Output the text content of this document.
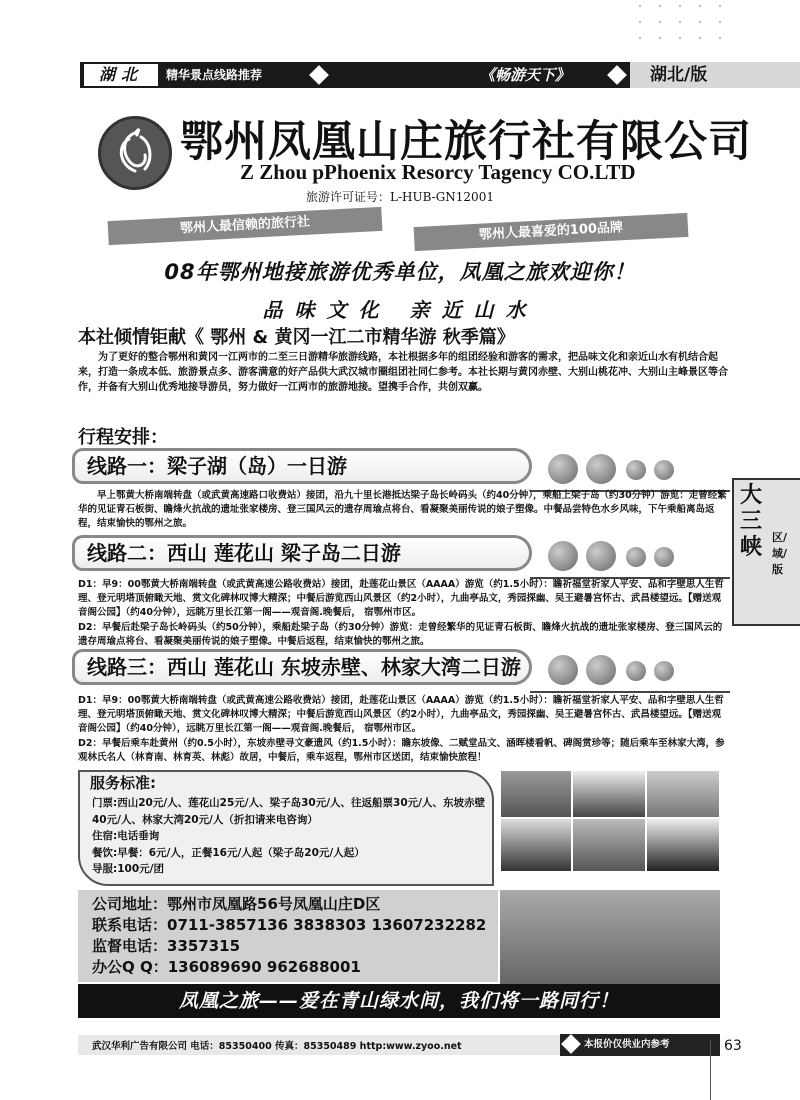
湖北	精华景点线路推荐	《畅游天下》	湖北/版
鄂州凤凰山庄旅行社有限公司
Z Zhou pPhoenix Resorcy Tagency CO.LTD
旅游许可证号：L-HUB-GN12001
鄂州人最信赖的旅行社	鄂州人最喜爱的100品牌
08年鄂州地接旅游优秀单位，凤凰之旅欢迎你！
品味文化 亲近山水
本社倾情钜献《 鄂州 & 黄冈一江二市精华游 秋季篇》
为了更好的整合鄂州和黄冈一江两市的二至三日游精华旅游线路，本社根据多年的组团经验和游客的需求，把品味文化和亲近山水有机结合起来，打造一条成本低、旅游景点多、游客满意的好产品供大武汉城市圈组团社同仁参考。本社长期与黄冈赤壁、大别山桃花冲、大别山主峰景区等合作，并备有大别山优秀地接导游员，努力做好一江两市的旅游地接。望携手合作，共创双赢。
行程安排：
线路一：梁子湖（岛）一日游
早上鄂黄大桥南端转盘（或武黄高速路口收费站）接团，沿九十里长港抵达梁子岛长岭码头（约40分钟），乘船上梁子岛（约30分钟）游览：走曾经繁华的见证青石板街、瞻烽火抗战的遗址张家楼房、登三国风云的遗存周瑜点将台、看凝聚美丽传说的娘子塑像。中餐品尝特色水乡风味，下午乘船离岛返程，结束愉快的鄂州之旅。
线路二：西山 莲花山 梁子岛二日游

D1：早9：00鄂黄大桥南端转盘（或武黄高速公路收费站）接团，赴莲花山景区（AAAA）游览（约1.5小时）：瞻祈福堂祈家人平安、品和字壁思人生哲理、登元明塔顶俯瞰天地、赏文化碑林叹博大精深；中餐后游览西山风景区（约2小时），九曲亭品文，秀园探幽、吴王避暑宫怀古、武昌楼望远。【赠送观音阁公园】（约40分钟），远眺万里长江第一阁——观音阁.晚餐后， 宿鄂州市区。

D2：早餐后赴梁子岛长岭码头（约50分钟），乘船赴梁子岛（约30分钟）游览：走曾经繁华的见证青石板街、瞻烽火抗战的遗址张家楼房、登三国风云的遗存周瑜点将台、看凝聚美丽传说的娘子塑像。中餐后返程，结束愉快的鄂州之旅。

线路三：西山 莲花山 东坡赤壁、林家大湾二日游

D1：早9：00鄂黄大桥南端转盘（或武黄高速公路收费站）接团，赴莲花山景区（AAAA）游览（约1.5小时）：瞻祈福堂祈家人平安、品和字壁思人生哲理、登元明塔顶俯瞰天地、赏文化碑林叹博大精深；中餐后游览西山风景区（约2小时），九曲亭品文，秀园探幽、吴王避暑宫怀古、武昌楼望远。【赠送观音阁公园】（约40分钟），远眺万里长江第一阁——观音阁.晚餐后， 宿鄂州市区。

D2：早餐后乘车赴黄州（约0.5小时），东坡赤壁寻文豪遗风（约1.5小时）：瞻东坡像、二赋堂品文、涵晖楼看帆、碑阁赏珍等；随后乘车至林家大湾，参观林氏名人（林育南、林育英、林彪）故居，中餐后，乘车返程，鄂州市区送团，结束愉快旅程！

大三峡 区/域/版
服务标准:
门票:西山20元/人、莲花山25元/人、梁子岛30元/人、往返船票30元/人、东坡赤壁40元/人、林家大湾20元/人（折扣请来电咨询）
住宿:电话垂询
餐饮:早餐：6元/人，正餐16元/人起（梁子岛20元/人起）
导服:100元/团
公司地址：鄂州市凤凰路56号凤凰山庄D区
联系电话：0711-3857136 3838303 13607232282
监督电话：3357315
办公Q Q：136089690 962688001
凤凰之旅——爱在青山绿水间，我们将一路同行！
武汉华利广告有限公司 电话：85350400 传真：85350489 http:www.zyoo.net	本报价仅供业内参考	63
